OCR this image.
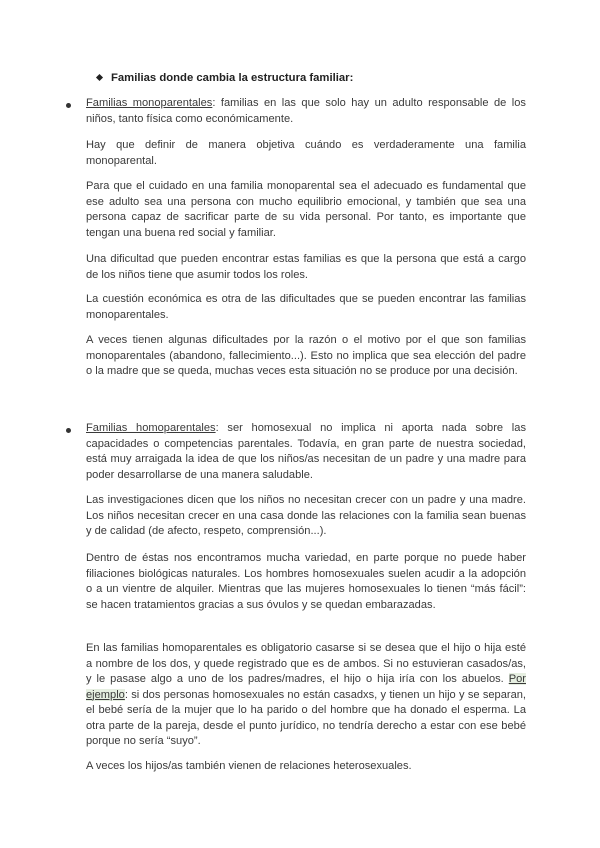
Familias donde cambia la estructura familiar:

Familias monoparentales: familias en las que solo hay un adulto responsable de los niños, tanto física como económicamente.

Hay que definir de manera objetiva cuándo es verdaderamente una familia monoparental.

Para que el cuidado en una familia monoparental sea el adecuado es fundamental que ese adulto sea una persona con mucho equilibrio emocional, y también que sea una persona capaz de sacrificar parte de su vida personal. Por tanto, es importante que tengan una buena red social y familiar.

Una dificultad que pueden encontrar estas familias es que la persona que está a cargo de los niños tiene que asumir todos los roles.

La cuestión económica es otra de las dificultades que se pueden encontrar las familias monoparentales.

A veces tienen algunas dificultades por la razón o el motivo por el que son familias monoparentales (abandono, fallecimiento...). Esto no implica que sea elección del padre o la madre que se queda, muchas veces esta situación no se produce por una decisión.

Familias homoparentales: ser homosexual no implica ni aporta nada sobre las capacidades o competencias parentales. Todavía, en gran parte de nuestra sociedad, está muy arraigada la idea de que los niños/as necesitan de un padre y una madre para poder desarrollarse de una manera saludable.

Las investigaciones dicen que los niños no necesitan crecer con un padre y una madre. Los niños necesitan crecer en una casa donde las relaciones con la familia sean buenas y de calidad (de afecto, respeto, comprensión...).

Dentro de éstas nos encontramos mucha variedad, en parte porque no puede haber filiaciones biológicas naturales. Los hombres homosexuales suelen acudir a la adopción o a un vientre de alquiler. Mientras que las mujeres homosexuales lo tienen “más fácil”: se hacen tratamientos gracias a sus óvulos y se quedan embarazadas.

En las familias homoparentales es obligatorio casarse si se desea que el hijo o hija esté a nombre de los dos, y quede registrado que es de ambos. Si no estuvieran casados/as, y le pasase algo a uno de los padres/madres, el hijo o hija iría con los abuelos. Por ejemplo: si dos personas homosexuales no están casadxs, y tienen un hijo y se separan, el bebé sería de la mujer que lo ha parido o del hombre que ha donado el esperma. La otra parte de la pareja, desde el punto jurídico, no tendría derecho a estar con ese bebé porque no sería “suyo”.

A veces los hijos/as también vienen de relaciones heterosexuales.
